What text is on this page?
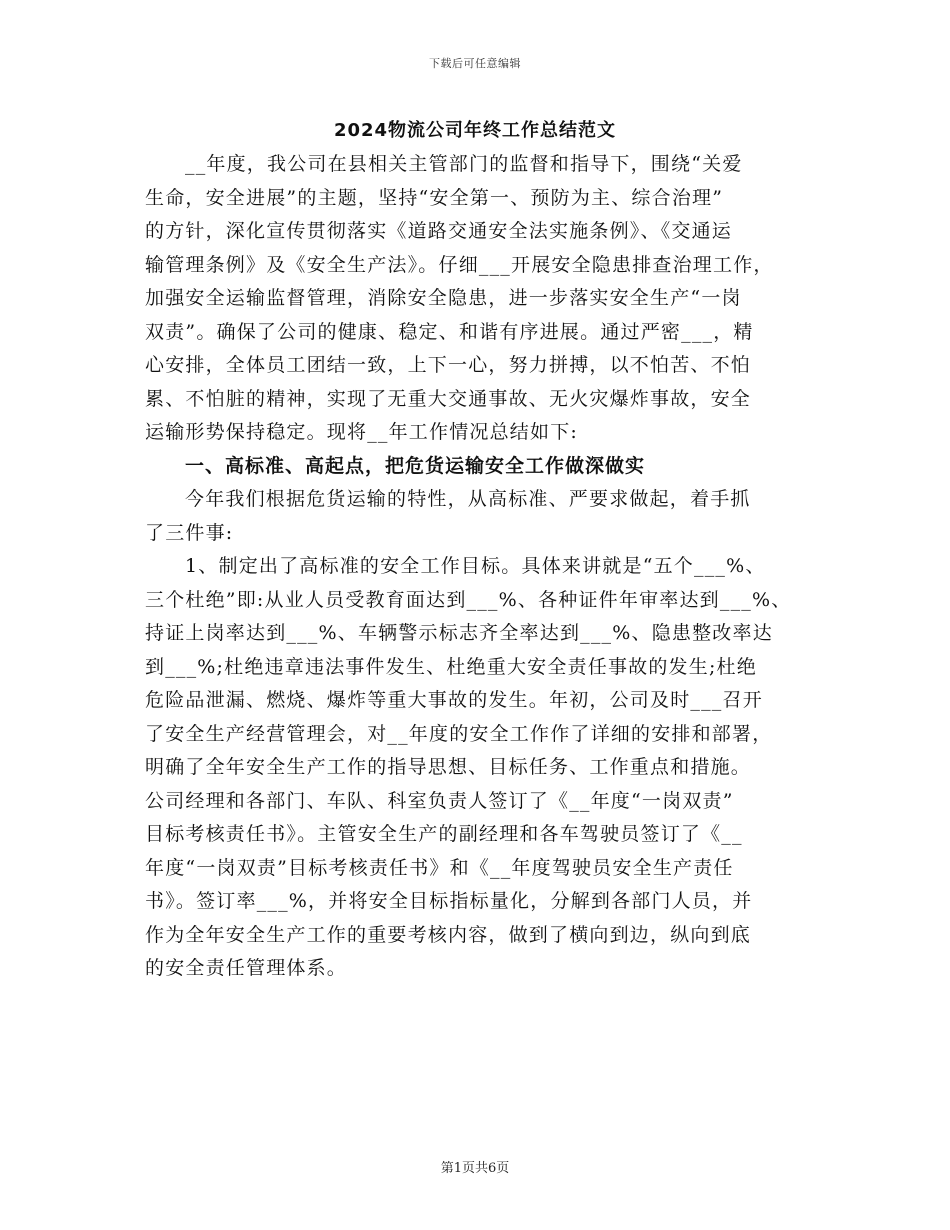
下载后可任意编辑
2024物流公司年终工作总结范文
__年度，我公司在县相关主管部门的监督和指导下，围绕“关爱
生命，安全进展”的主题，坚持“安全第一、预防为主、综合治理”
的方针，深化宣传贯彻落实《道路交通安全法实施条例》、《交通运
输管理条例》及《安全生产法》。仔细___开展安全隐患排查治理工作，
加强安全运输监督管理，消除安全隐患，进一步落实安全生产“一岗
双责”。确保了公司的健康、稳定、和谐有序进展。通过严密___，精
心安排，全体员工团结一致，上下一心，努力拼搏，以不怕苦、不怕
累、不怕脏的精神，实现了无重大交通事故、无火灾爆炸事故，安全
运输形势保持稳定。现将__年工作情况总结如下:
一、高标准、高起点，把危货运输安全工作做深做实
今年我们根据危货运输的特性，从高标准、严要求做起，着手抓
了三件事:
1、制定出了高标准的安全工作目标。具体来讲就是“五个___%、
三个杜绝”即:从业人员受教育面达到___%、各种证件年审率达到___%、
持证上岗率达到___%、车辆警示标志齐全率达到___%、隐患整改率达
到___%;杜绝违章违法事件发生、杜绝重大安全责任事故的发生;杜绝
危险品泄漏、燃烧、爆炸等重大事故的发生。年初，公司及时___召开
了安全生产经营管理会，对__年度的安全工作作了详细的安排和部署，
明确了全年安全生产工作的指导思想、目标任务、工作重点和措施。
公司经理和各部门、车队、科室负责人签订了《__年度“一岗双责”
目标考核责任书》。主管安全生产的副经理和各车驾驶员签订了《__
年度“一岗双责”目标考核责任书》和《__年度驾驶员安全生产责任
书》。签订率___%，并将安全目标指标量化，分解到各部门人员，并
作为全年安全生产工作的重要考核内容，做到了横向到边，纵向到底
的安全责任管理体系。
第1页共6页
